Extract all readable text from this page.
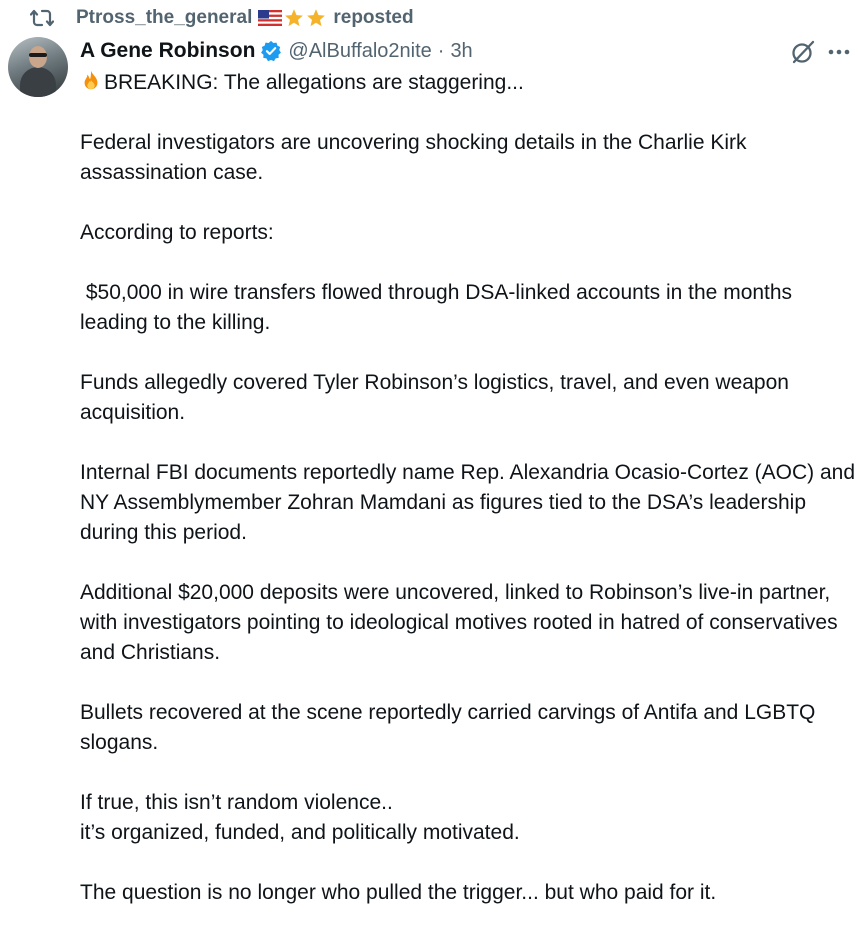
Ptross_the_general	reposted
A Gene Robinson @AlBuffalo2nite · 3h

BREAKING: The allegations are staggering...

Federal investigators are uncovering shocking details in the Charlie Kirk assassination case.

According to reports:

$50,000 in wire transfers flowed through DSA-linked accounts in the months leading to the killing.

Funds allegedly covered Tyler Robinson’s logistics, travel, and even weapon acquisition.

Internal FBI documents reportedly name Rep. Alexandria Ocasio-Cortez (AOC) and NY Assemblymember Zohran Mamdani as figures tied to the DSA’s leadership during this period.

Additional $20,000 deposits were uncovered, linked to Robinson’s live-in partner, with investigators pointing to ideological motives rooted in hatred of conservatives and Christians.

Bullets recovered at the scene reportedly carried carvings of Antifa and LGBTQ slogans.

If true, this isn’t random violence..
it’s organized, funded, and politically motivated.

The question is no longer who pulled the trigger... but who paid for it.
